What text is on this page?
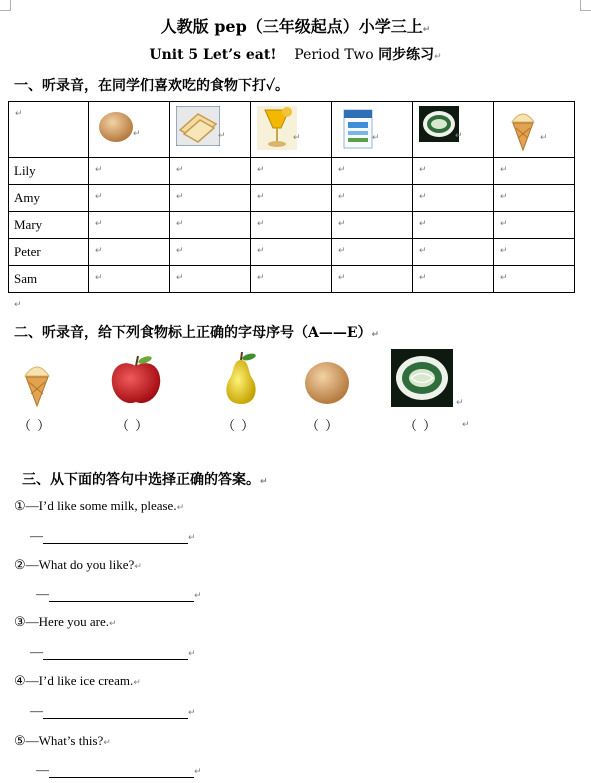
人教版 pep（三年级起点）小学三上↵
Unit 5 Let’s eat! Period Two 同步练习↵
一、听录音，在同学们喜欢吃的食物下打✓。
↵	↵	↵	↵	↵	↵	↵

Lily	↵	↵	↵	↵	↵	↵

Amy	↵	↵	↵	↵	↵	↵

Mary	↵	↵	↵	↵	↵	↵

Peter	↵	↵	↵	↵	↵	↵

Sam	↵	↵	↵	↵	↵	↵
↵
二、听录音，给下列食物标上正确的字母序号（A——E）↵
↵
（ ）	（ ）	（ ）	（ ）	（ ）	↵
三、从下面的答句中选择正确的答案。↵
①—I’d like some milk, please.↵
—	↵
②—What do you like?↵
—	↵
③—Here you are.↵
—	↵
④—I’d like ice cream.↵
—	↵
⑤—What’s this?↵
—	↵
